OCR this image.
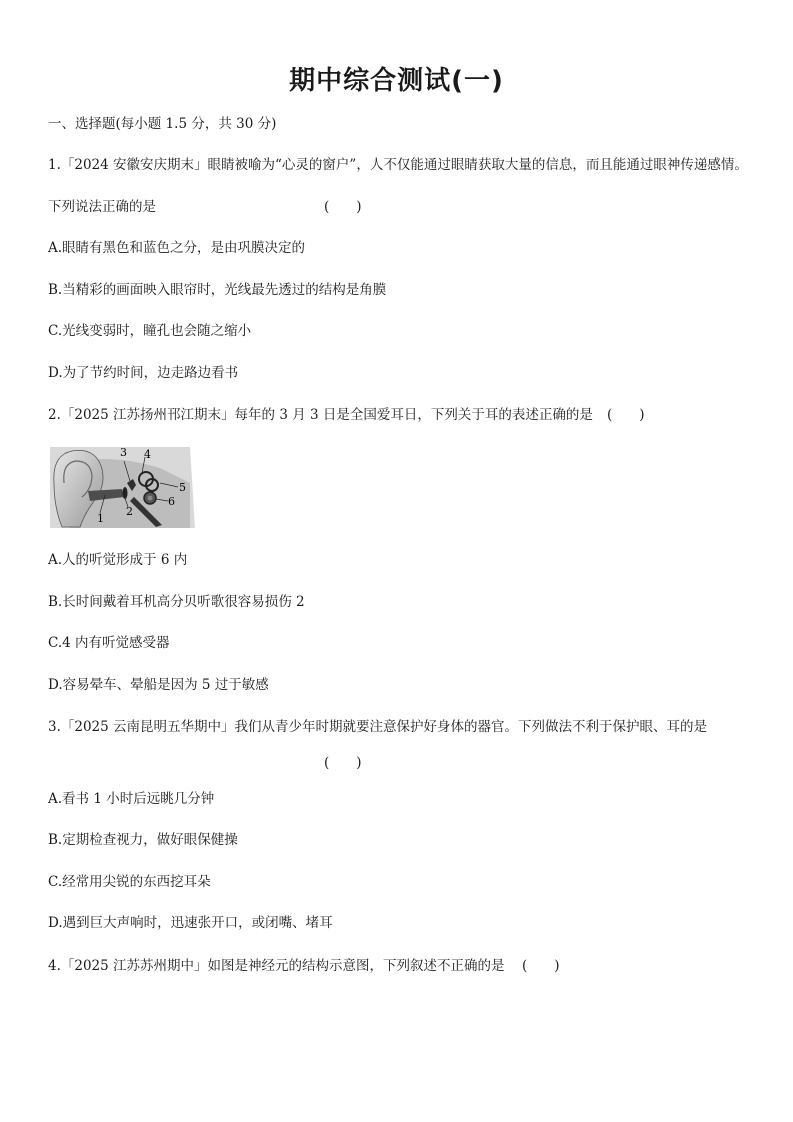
期中综合测试(一)
一、选择题(每小题 1.5 分，共 30 分)
1.「2024 安徽安庆期末」眼睛被喻为“心灵的窗户”，人不仅能通过眼睛获取大量的信息，而且能通过眼神传递感情。
下列说法正确的是	(　　)
A.眼睛有黑色和蓝色之分，是由巩膜决定的
B.当精彩的画面映入眼帘时，光线最先透过的结构是角膜
C.光线变弱时，瞳孔也会随之缩小
D.为了节约时间，边走路边看书
2.「2025 江苏扬州邗江期末」每年的 3 月 3 日是全国爱耳日，下列关于耳的表述正确的是 (　　)
1
2
3 4
5
6
A.人的听觉形成于 6 内
B.长时间戴着耳机高分贝听歌很容易损伤 2
C.4 内有听觉感受器
D.容易晕车、晕船是因为 5 过于敏感
3.「2025 云南昆明五华期中」我们从青少年时期就要注意保护好身体的器官。下列做法不利于保护眼、耳的是
(　　)
A.看书 1 小时后远眺几分钟
B.定期检查视力，做好眼保健操
C.经常用尖锐的东西挖耳朵
D.遇到巨大声响时，迅速张开口，或闭嘴、堵耳
4.「2025 江苏苏州期中」如图是神经元的结构示意图，下列叙述不正确的是 (　　)
